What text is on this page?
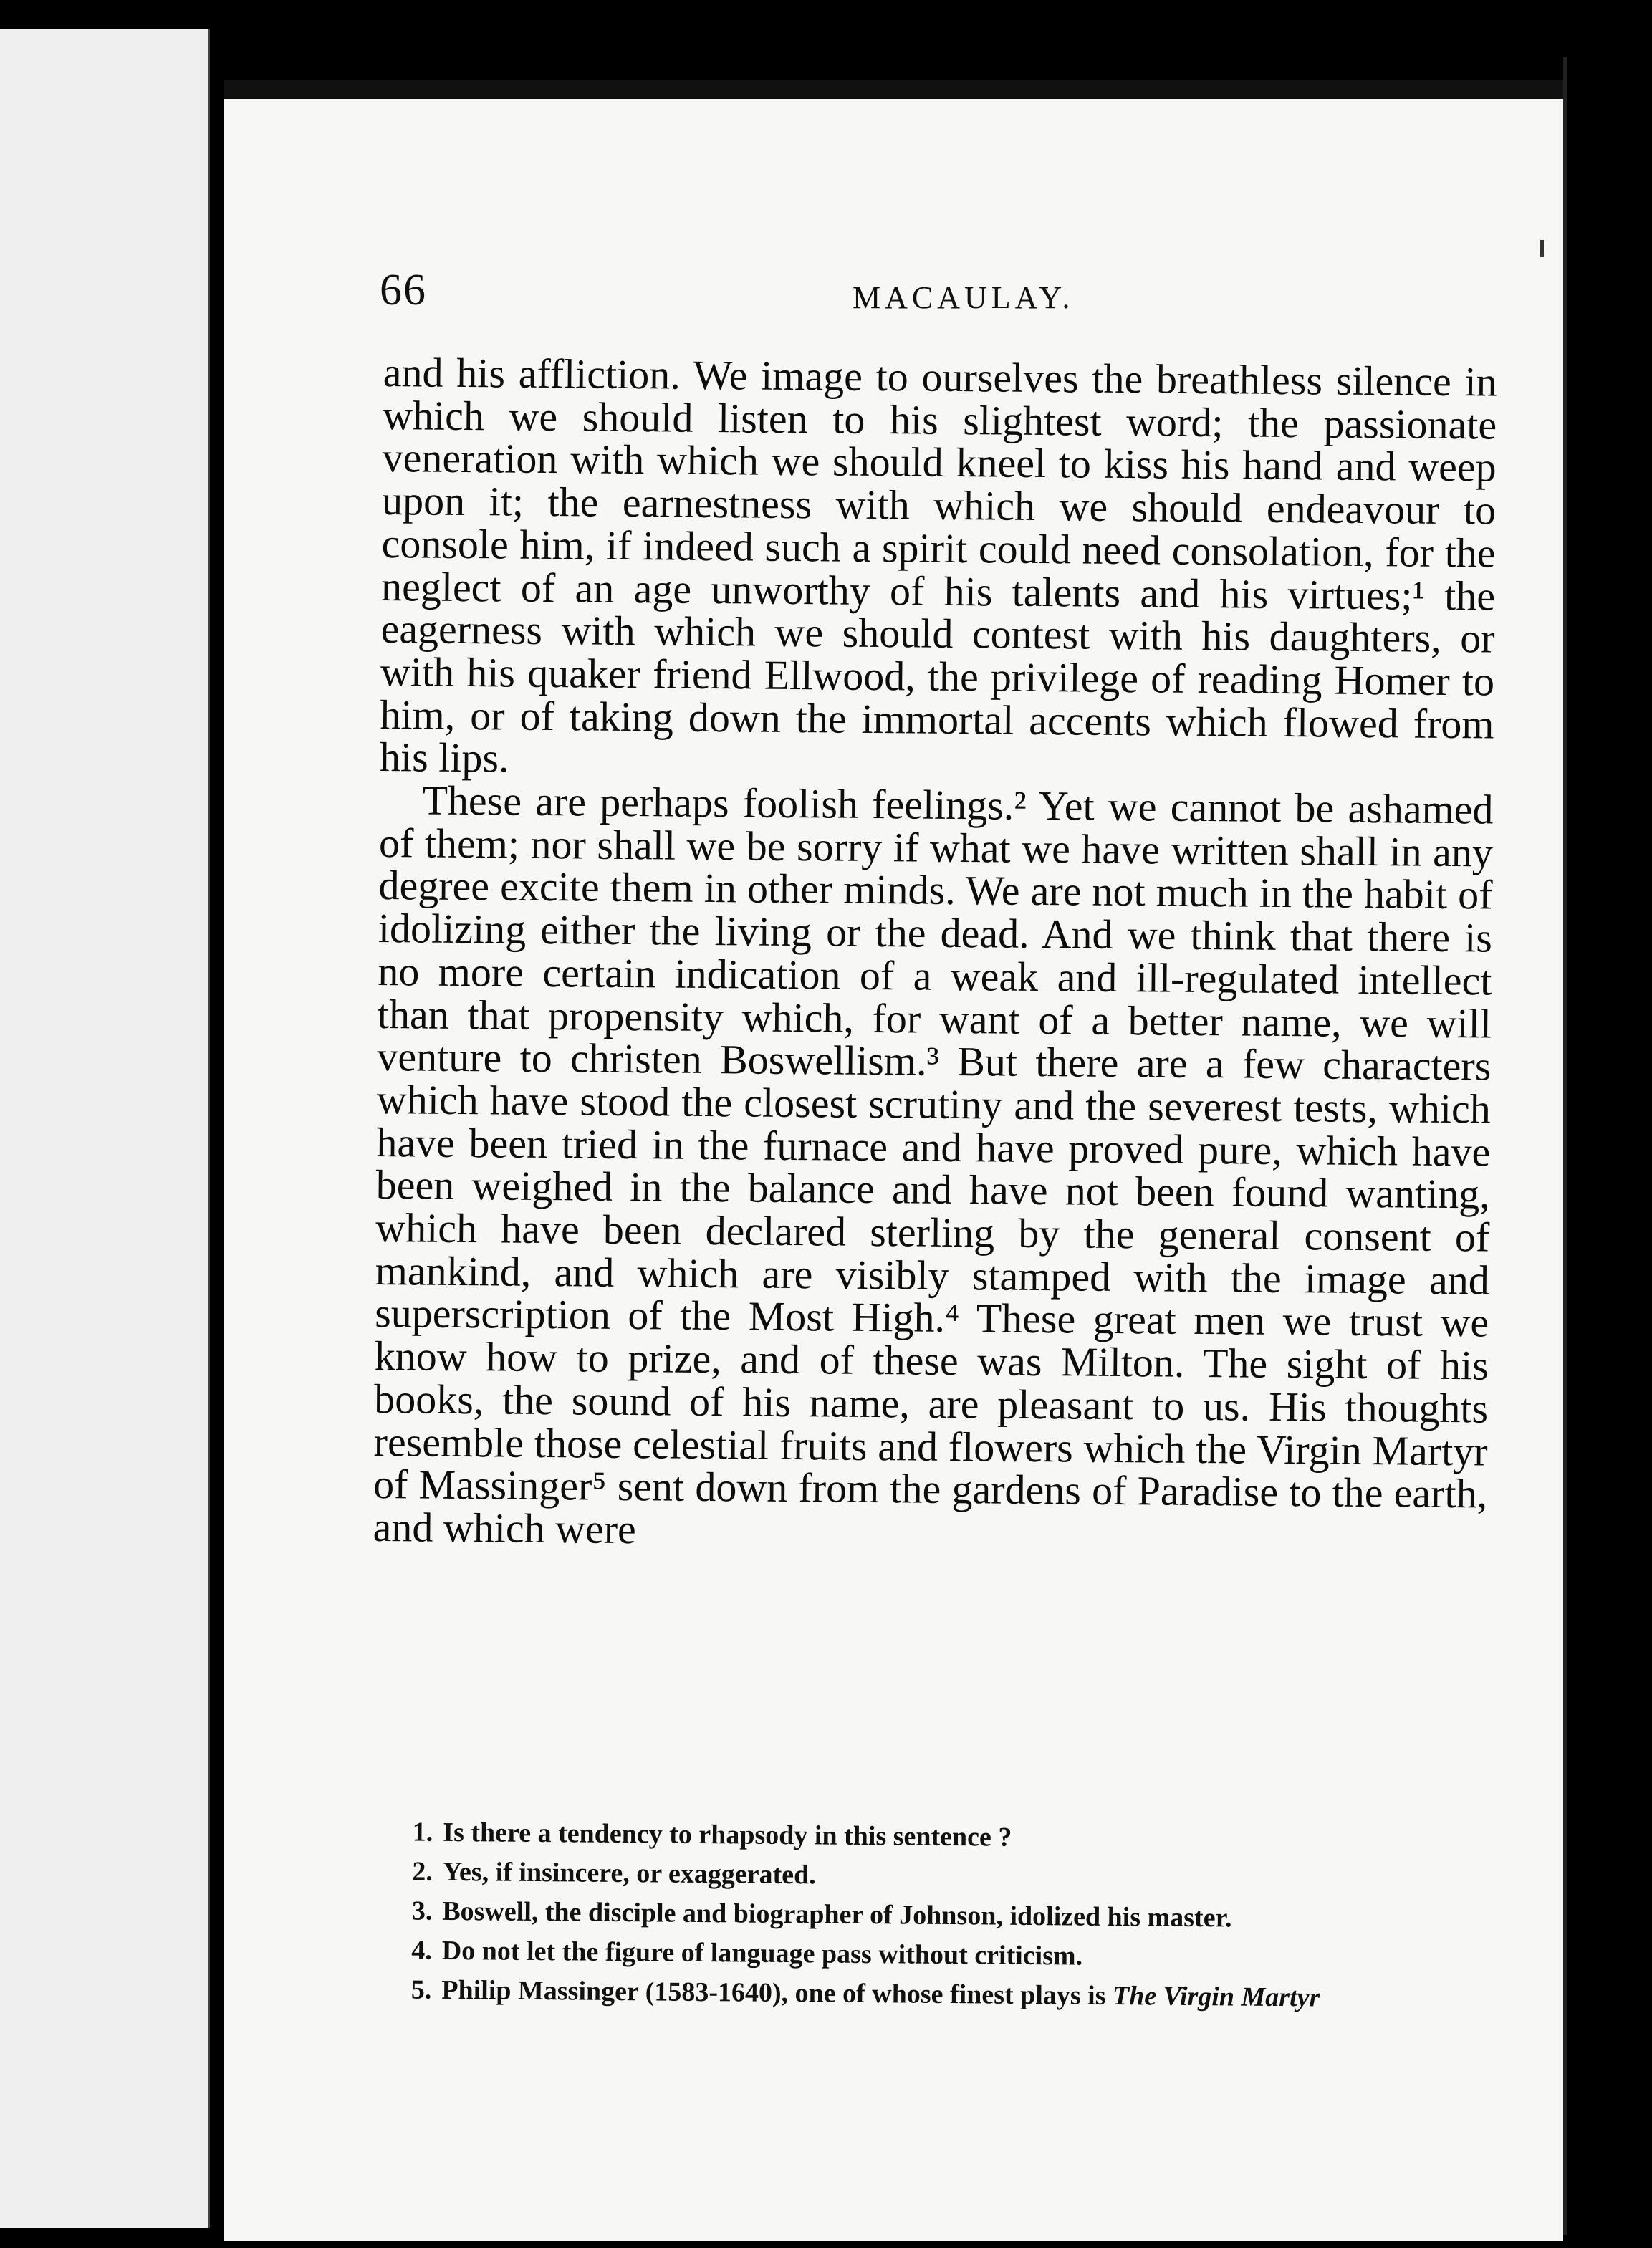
66	MACAULAY.

and his affliction. We image to ourselves the breathless silence in which we should listen to his slightest word; the passionate veneration with which we should kneel to kiss his hand and weep upon it; the earnestness with which we should endeavour to console him, if indeed such a spirit could need consolation, for the neglect of an age unworthy of his talents and his virtues;¹ the eagerness with which we should contest with his daughters, or with his quaker friend Ellwood, the privilege of reading Homer to him, or of taking down the immortal accents which flowed from his lips.

These are perhaps foolish feelings.² Yet we cannot be ashamed of them; nor shall we be sorry if what we have written shall in any degree excite them in other minds. We are not much in the habit of idolizing either the living or the dead. And we think that there is no more certain indication of a weak and ill-regulated intellect than that propensity which, for want of a better name, we will venture to christen Boswellism.³ But there are a few characters which have stood the closest scrutiny and the severest tests, which have been tried in the furnace and have proved pure, which have been weighed in the balance and have not been found wanting, which have been declared sterling by the general consent of mankind, and which are visibly stamped with the image and superscription of the Most High.⁴ These great men we trust we know how to prize, and of these was Milton. The sight of his books, the sound of his name, are pleasant to us. His thoughts resemble those celestial fruits and flowers which the Virgin Martyr of Massinger⁵ sent down from the gardens of Paradise to the earth, and which were

1. Is there a tendency to rhapsody in this sentence ?

2. Yes, if insincere, or exaggerated.

3. Boswell, the disciple and biographer of Johnson, idolized his master.

4. Do not let the figure of language pass without criticism.

5. Philip Massinger (1583-1640), one of whose finest plays is The Virgin Martyr
